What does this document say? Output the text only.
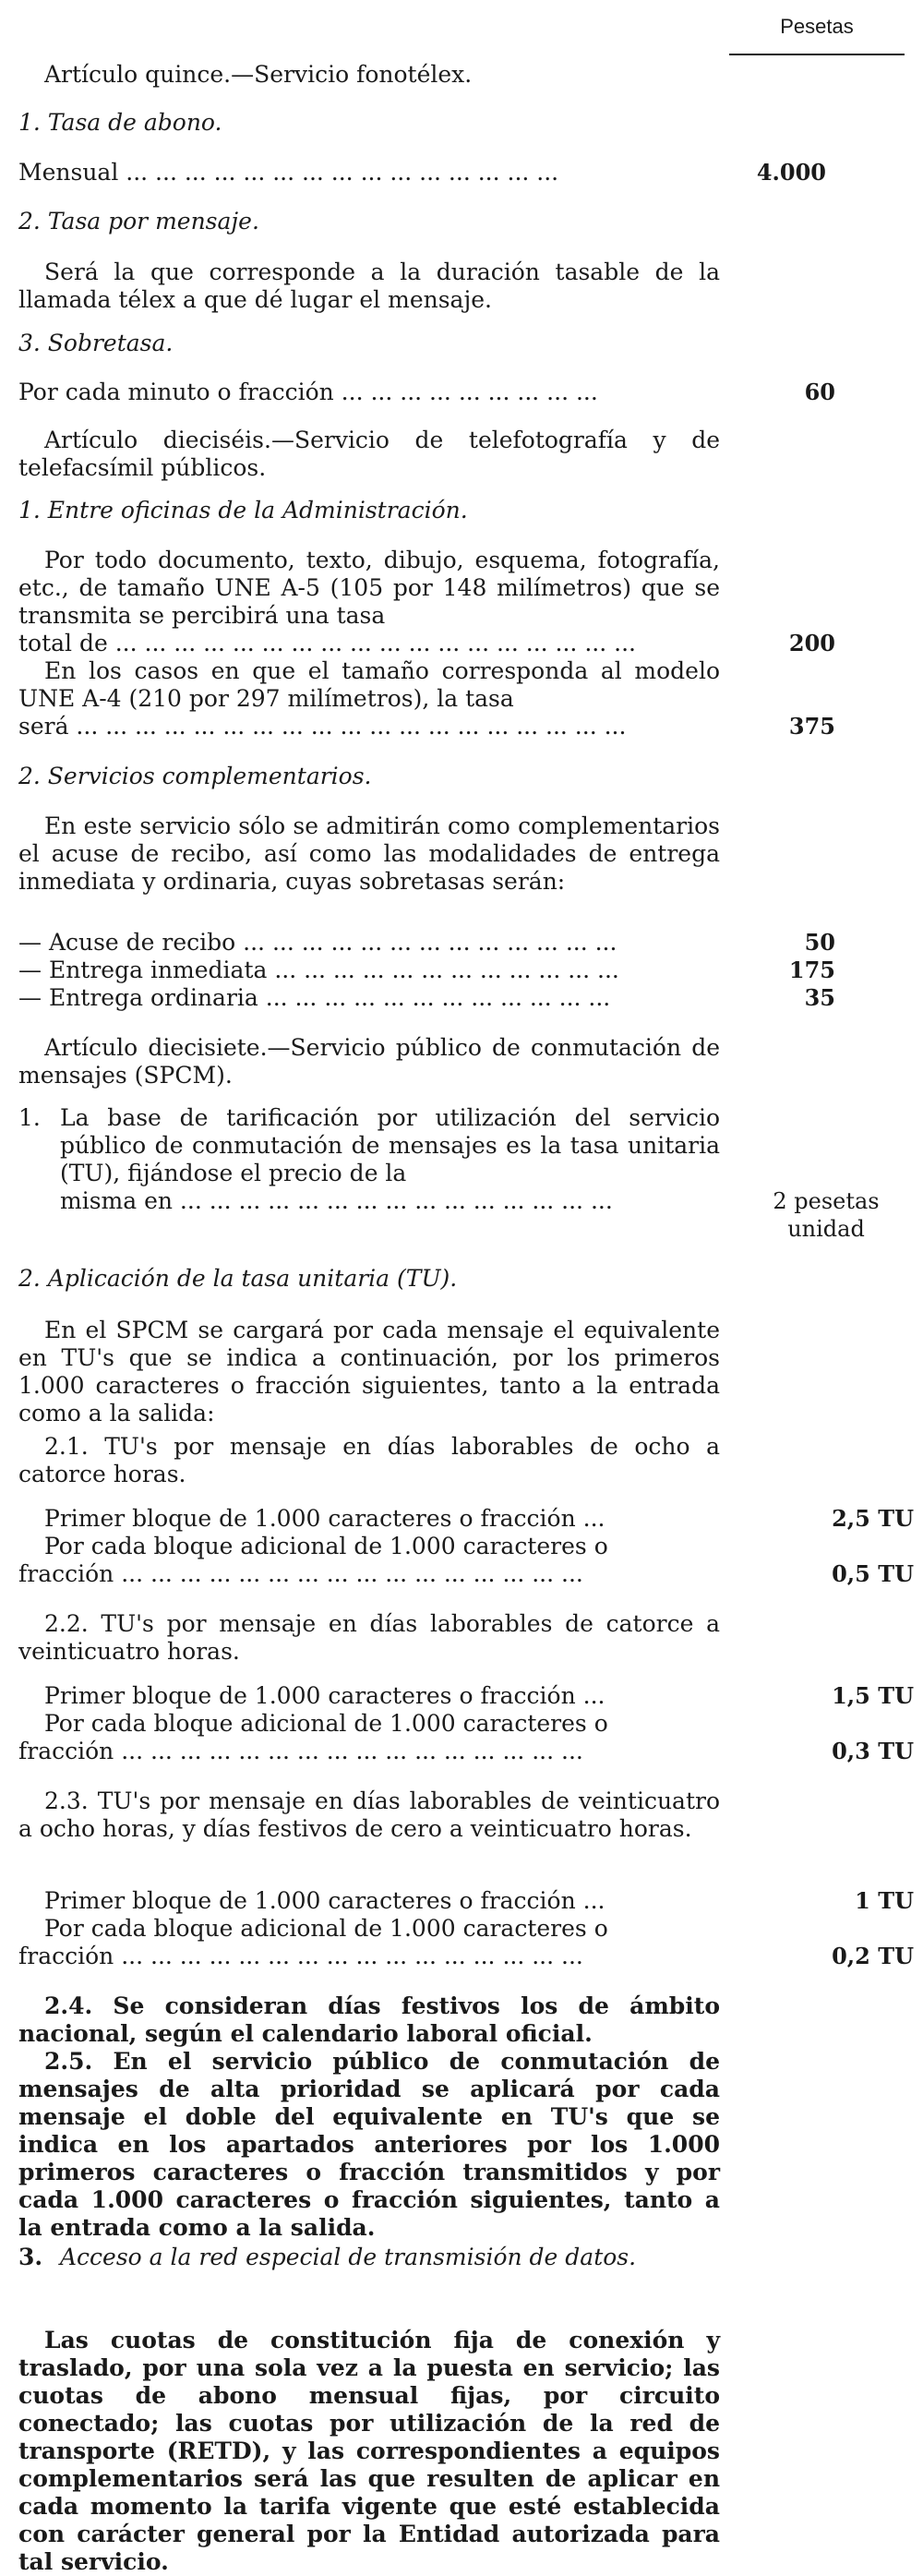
Pesetas
Artículo quince.—Servicio fonotélex.
1. Tasa de abono.
Mensual ... ... ... ... ... ... ... ... ... ... ... ... ... ... ...	4.000
2. Tasa por mensaje.
Será la que corresponde a la duración tasable de la llamada télex a que dé lugar el mensaje.
3. Sobretasa.
Por cada minuto o fracción ... ... ... ... ... ... ... ... ...	60
Artículo dieciséis.—Servicio de telefotografía y de telefacsímil públicos.
1. Entre oficinas de la Administración.
Por todo documento, texto, dibujo, esquema, fotografía, etc., de tamaño UNE A-5 (105 por 148 milímetros) que se transmita se percibirá una tasa
total de ... ... ... ... ... ... ... ... ... ... ... ... ... ... ... ... ... ...	200
En los casos en que el tamaño corresponda al modelo UNE A-4 (210 por 297 milímetros), la tasa
será ... ... ... ... ... ... ... ... ... ... ... ... ... ... ... ... ... ... ...	375
2. Servicios complementarios.
En este servicio sólo se admitirán como complementarios el acuse de recibo, así como las modalidades de entrega inmediata y ordinaria, cuyas sobretasas serán:
— Acuse de recibo ... ... ... ... ... ... ... ... ... ... ... ... ...	50
— Entrega inmediata ... ... ... ... ... ... ... ... ... ... ... ...	175
— Entrega ordinaria ... ... ... ... ... ... ... ... ... ... ... ...	35
Artículo diecisiete.—Servicio público de conmutación de mensajes (SPCM).
1. La base de tarificación por utilización del servicio público de conmutación de mensajes es la tasa unitaria (TU), fijándose el precio de la
misma en ... ... ... ... ... ... ... ... ... ... ... ... ... ... ...	2 pesetas
unidad
2. Aplicación de la tasa unitaria (TU).
En el SPCM se cargará por cada mensaje el equivalente en TU's que se indica a continuación, por los primeros 1.000 caracteres o fracción siguientes, tanto a la entrada como a la salida:
2.1. TU's por mensaje en días laborables de ocho a catorce horas.
Primer bloque de 1.000 caracteres o fracción ...	2,5 TU
Por cada bloque adicional de 1.000 caracteres o
fracción ... ... ... ... ... ... ... ... ... ... ... ... ... ... ... ...	0,5 TU
2.2. TU's por mensaje en días laborables de catorce a veinticuatro horas.
Primer bloque de 1.000 caracteres o fracción ...	1,5 TU
Por cada bloque adicional de 1.000 caracteres o
fracción ... ... ... ... ... ... ... ... ... ... ... ... ... ... ... ...	0,3 TU
2.3. TU's por mensaje en días laborables de veinticuatro a ocho horas, y días festivos de cero a veinticuatro horas.
Primer bloque de 1.000 caracteres o fracción ...	1 TU
Por cada bloque adicional de 1.000 caracteres o
fracción ... ... ... ... ... ... ... ... ... ... ... ... ... ... ... ...	0,2 TU
2.4. Se consideran días festivos los de ámbito nacional, según el calendario laboral oficial.
2.5. En el servicio público de conmutación de mensajes de alta prioridad se aplicará por cada mensaje el doble del equivalente en TU's que se indica en los apartados anteriores por los 1.000 primeros caracteres o fracción transmitidos y por cada 1.000 caracteres o fracción siguientes, tanto a la entrada como a la salida.
3. Acceso a la red especial de transmisión de datos.
Las cuotas de constitución fija de conexión y traslado, por una sola vez a la puesta en servicio; las cuotas de abono mensual fijas, por circuito conectado; las cuotas por utilización de la red de transporte (RETD), y las correspondientes a equipos complementarios será las que resulten de aplicar en cada momento la tarifa vigente que esté establecida con carácter general por la Entidad autorizada para tal servicio.
